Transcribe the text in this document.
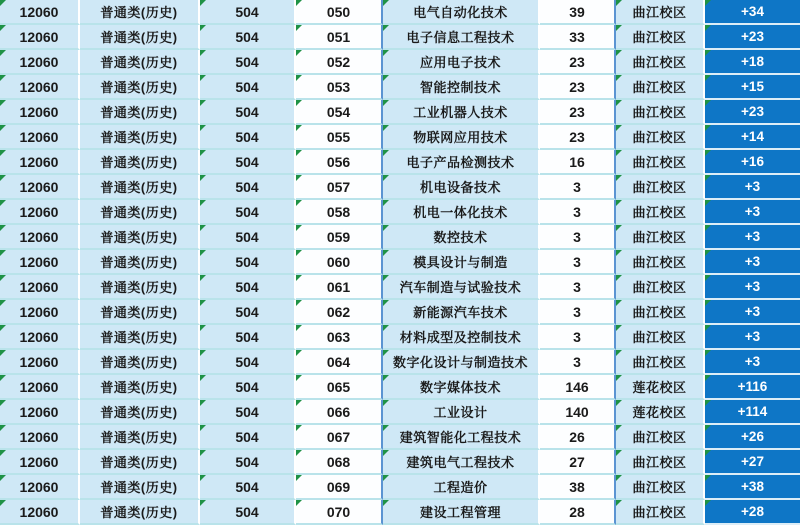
12060	普通类(历史)	504	050	电气自动化技术	39	曲江校区	+34
12060	普通类(历史)	504	051	电子信息工程技术	33	曲江校区	+23
12060	普通类(历史)	504	052	应用电子技术	23	曲江校区	+18
12060	普通类(历史)	504	053	智能控制技术	23	曲江校区	+15
12060	普通类(历史)	504	054	工业机器人技术	23	曲江校区	+23
12060	普通类(历史)	504	055	物联网应用技术	23	曲江校区	+14
12060	普通类(历史)	504	056	电子产品检测技术	16	曲江校区	+16
12060	普通类(历史)	504	057	机电设备技术	3	曲江校区	+3
12060	普通类(历史)	504	058	机电一体化技术	3	曲江校区	+3
12060	普通类(历史)	504	059	数控技术	3	曲江校区	+3
12060	普通类(历史)	504	060	模具设计与制造	3	曲江校区	+3
12060	普通类(历史)	504	061	汽车制造与试验技术	3	曲江校区	+3
12060	普通类(历史)	504	062	新能源汽车技术	3	曲江校区	+3
12060	普通类(历史)	504	063	材料成型及控制技术	3	曲江校区	+3
12060	普通类(历史)	504	064	数字化设计与制造技术	3	曲江校区	+3
12060	普通类(历史)	504	065	数字媒体技术	146	莲花校区	+116
12060	普通类(历史)	504	066	工业设计	140	莲花校区	+114
12060	普通类(历史)	504	067	建筑智能化工程技术	26	曲江校区	+26
12060	普通类(历史)	504	068	建筑电气工程技术	27	曲江校区	+27
12060	普通类(历史)	504	069	工程造价	38	曲江校区	+38
12060	普通类(历史)	504	070	建设工程管理	28	曲江校区	+28
